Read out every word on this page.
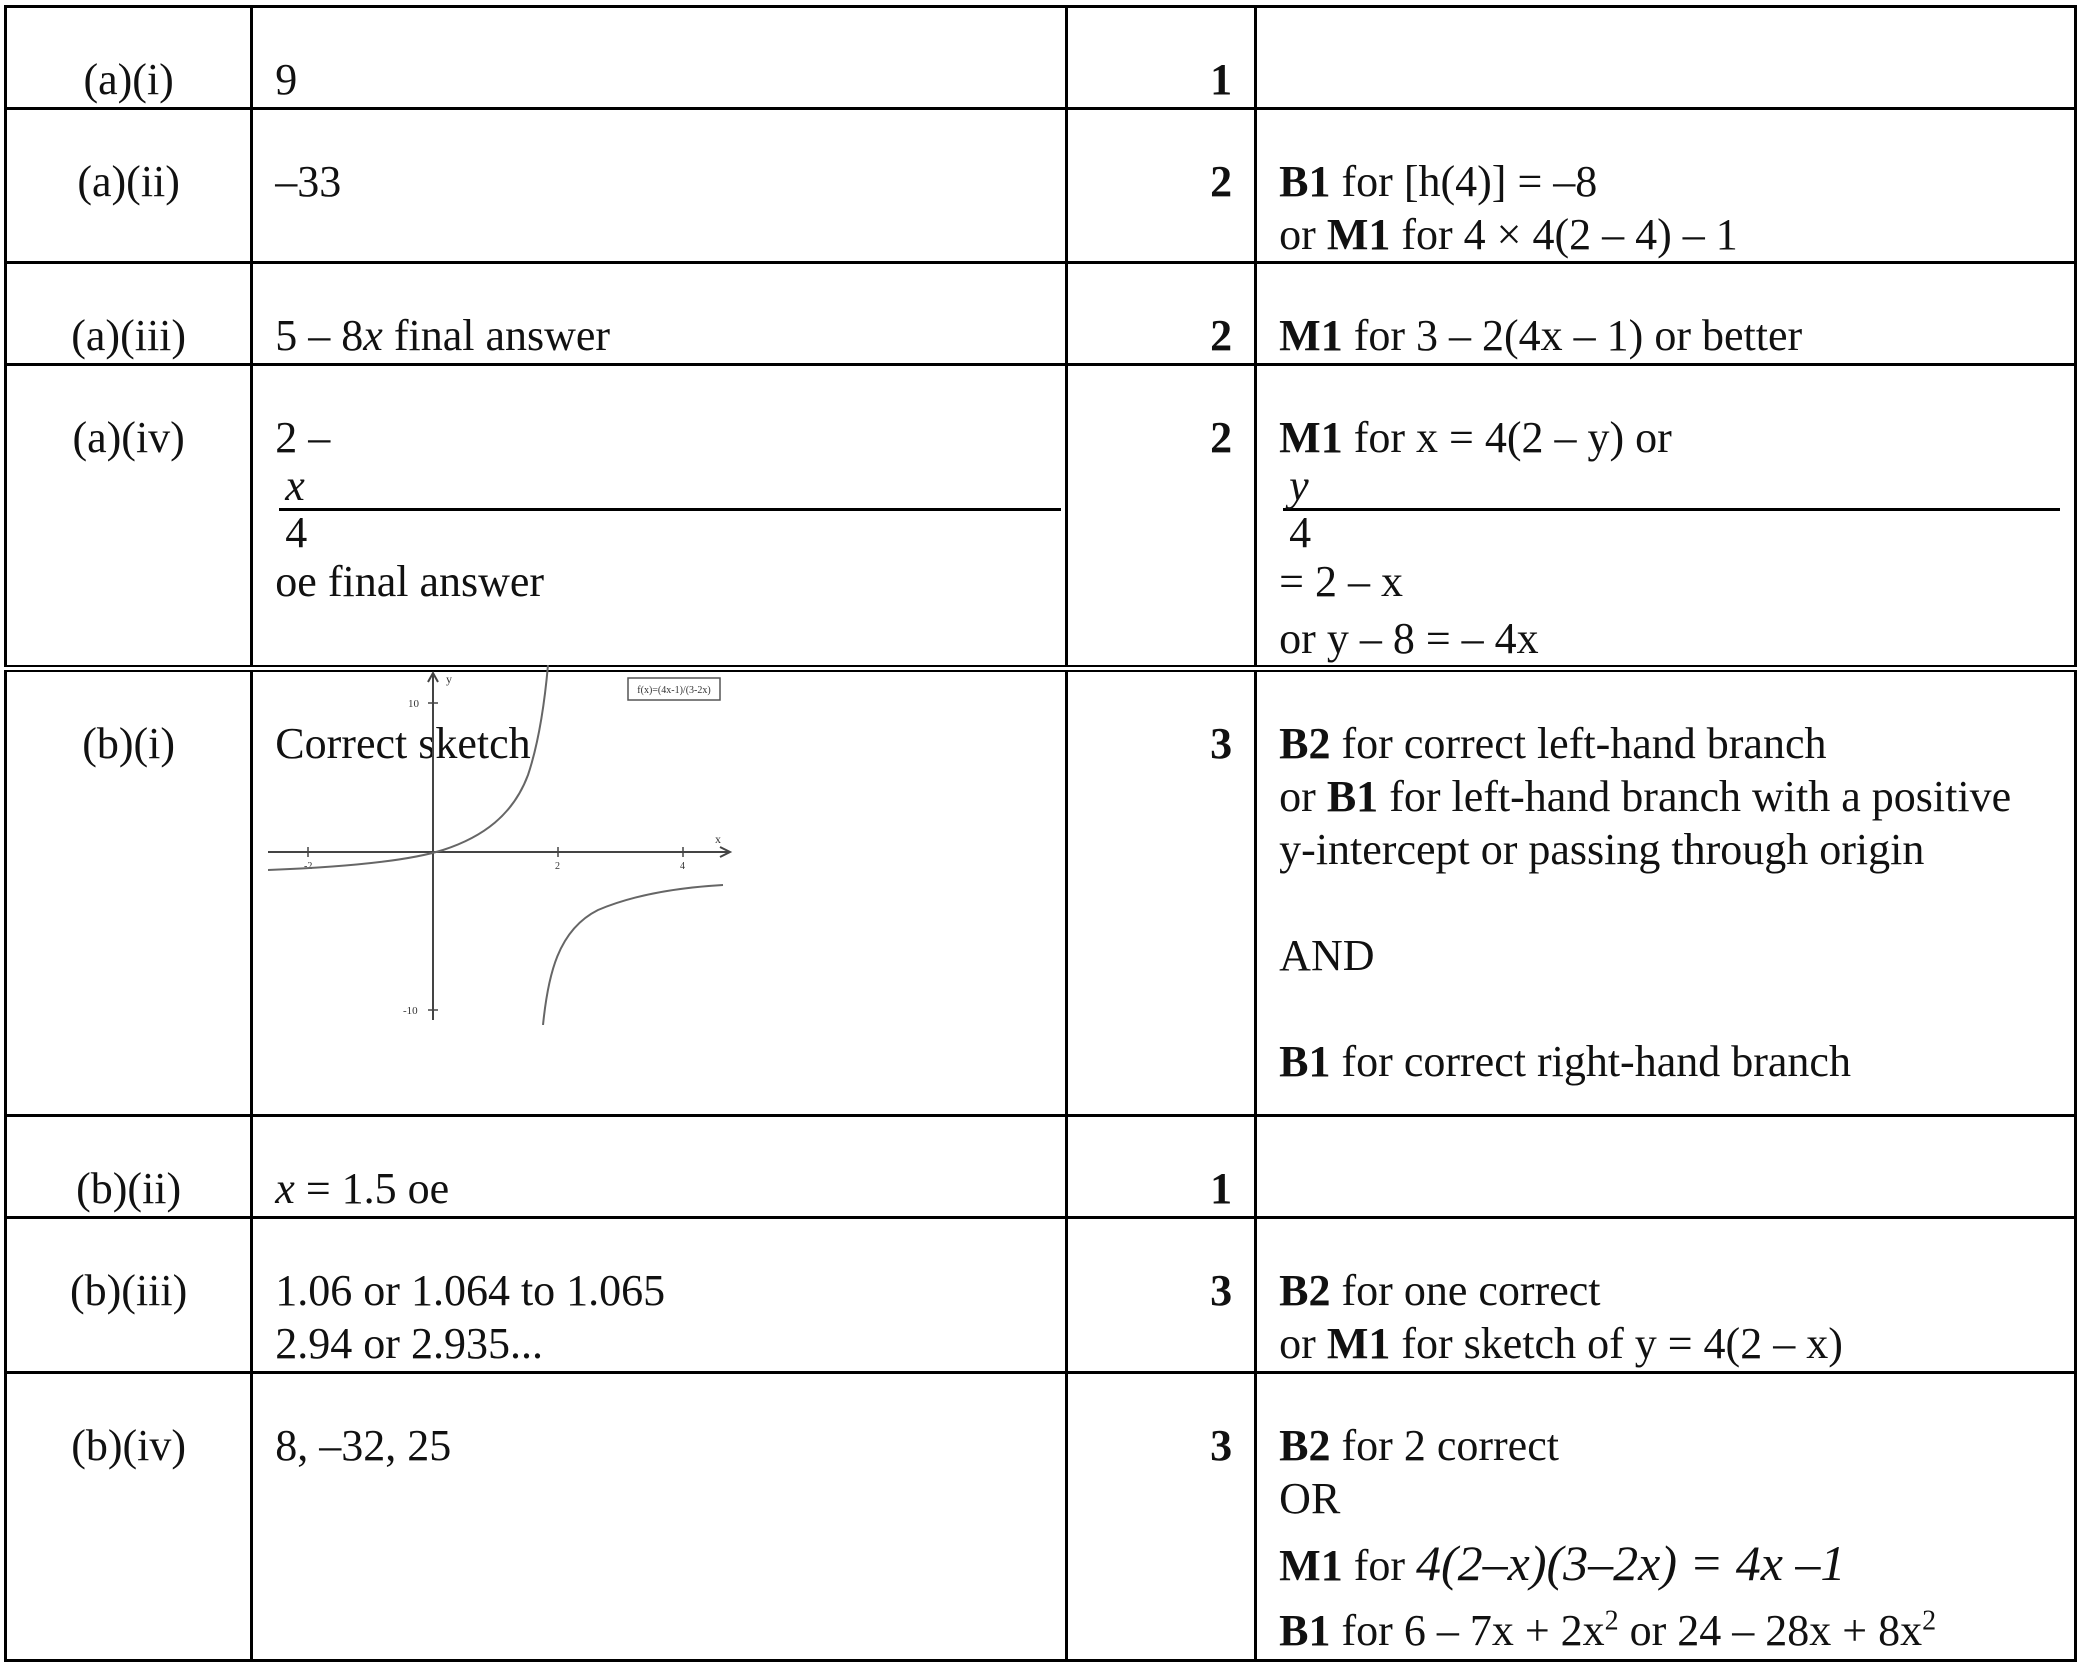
(a)(i)	9	1	
(a)(ii)	–33	2	B1 for [h(4)] = –8
or M1 for 4 × 4(2 – 4) – 1

(a)(iii)	5 – 8x final answer	2	M1 for 3 – 2(4x – 1) or better

(a)(iv)	2 –
x
4
oe final answer	2	M1 for x = 4(2 – y) or
y
4
= 2 – x
or y – 8 = – 4x

(b)(i)	Correct sketch	3	B2 for correct left-hand branch
or B1 for left-hand branch with a positive
y-intercept or passing through origin
AND
B1 for correct right-hand branch

(b)(ii)	x = 1.5 oe	1	
(b)(iii)	1.06 or 1.064 to 1.065
2.94 or 2.935...	3	B2 for one correct
or M1 for sketch of y = 4(2 – x)

(b)(iv)	8, –32, 25	3	B2 for 2 correct
OR
M1 for 4(2–x)(3–2x) = 4x –1
B1 for $6 - 7x + 2x^2$ or $24 - 28x + 8x^2$
f(x)=(4x-1)/(3-2x)
y
x
10
-10
-2	2	4
